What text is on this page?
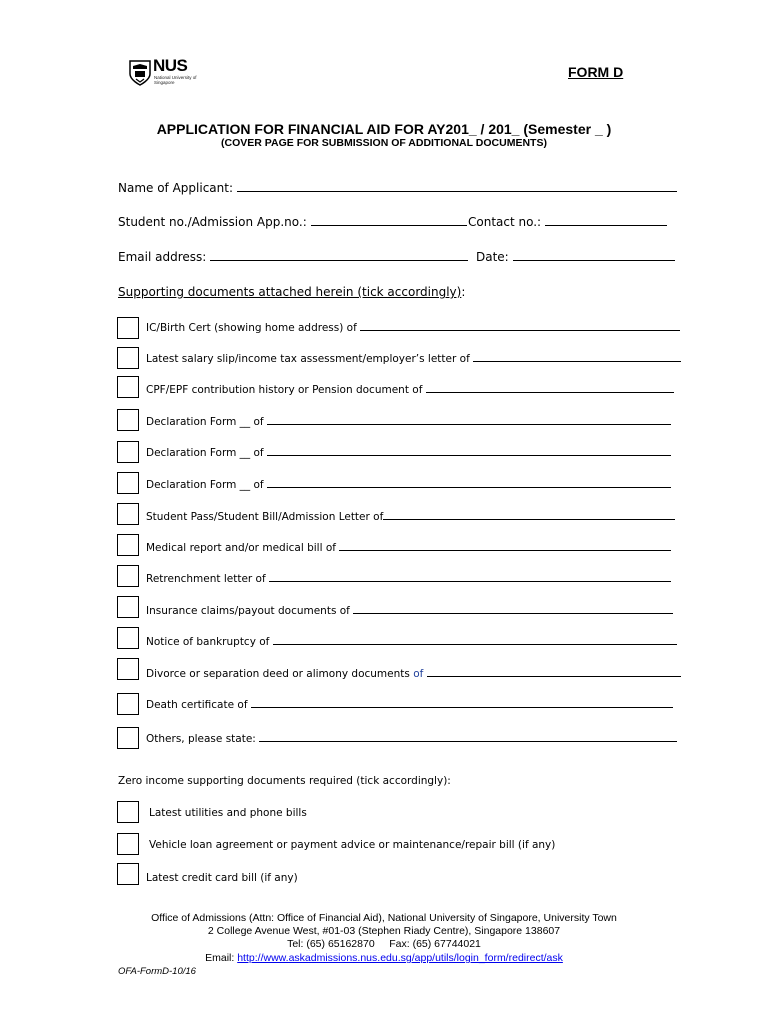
NUS
National University of Singapore
FORM D
APPLICATION FOR FINANCIAL AID FOR AY201_ / 201_ (Semester _ )
(COVER PAGE FOR SUBMISSION OF ADDITIONAL DOCUMENTS)
Name of Applicant:
Student no./Admission App.no.:	Contact no.:
Email address:	Date:
Supporting documents attached herein (tick accordingly):
IC/Birth Cert (showing home address) of
Latest salary slip/income tax assessment/employer’s letter of
CPF/EPF contribution history or Pension document of
Declaration Form __ of
Declaration Form __ of
Declaration Form __ of
Student Pass/Student Bill/Admission Letter of
Medical report and/or medical bill of
Retrenchment letter of
Insurance claims/payout documents of
Notice of bankruptcy of
Divorce or separation deed or alimony documents of
Death certificate of
Others, please state:
Zero income supporting documents required (tick accordingly):
Latest utilities and phone bills
Vehicle loan agreement or payment advice or maintenance/repair bill (if any)
Latest credit card bill (if any)
Office of Admissions (Attn: Office of Financial Aid), National University of Singapore, University Town
2 College Avenue West, #01-03 (Stephen Riady Centre), Singapore 138607
Tel: (65) 65162870     Fax: (65) 67744021
Email: http://www.askadmissions.nus.edu.sg/app/utils/login_form/redirect/ask
OFA-FormD-10/16
